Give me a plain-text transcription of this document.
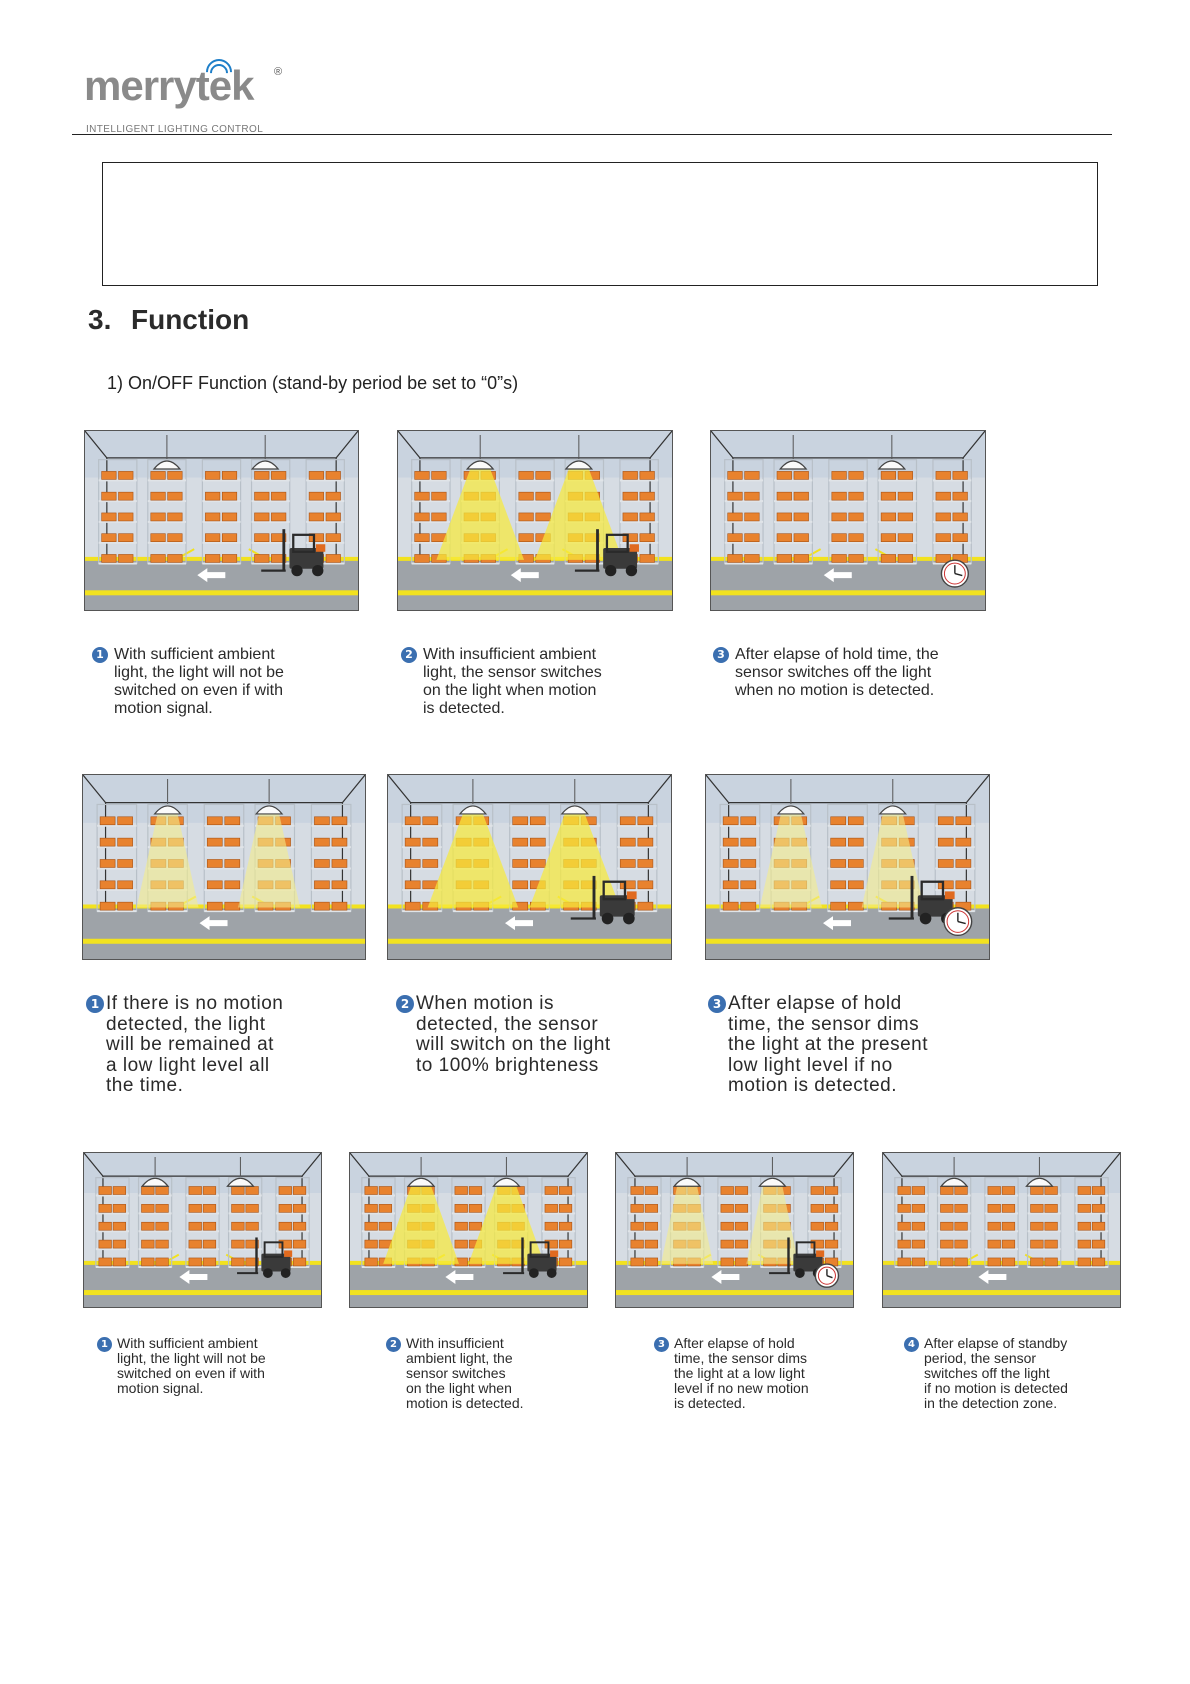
merrytek ®
INTELLIGENT LIGHTING CONTROL
3. Function
1) On/OFF Function (stand-by period be set to “0”s)
1 With sufficient ambient
light, the light will not be
switched on even if with
motion signal.
2 With insufficient ambient
light, the sensor switches
on the light when motion
is detected.
3 After elapse of hold time, the
sensor switches off the light
when no motion is detected.
1 If there is no motion
detected, the light
will be remained at
a low light level all
the time.
2 When motion is
detected, the sensor
will switch on the light
to 100% brighteness
3 After elapse of hold
time, the sensor dims
the light at the present
low light level if no
motion is detected.
1 With sufficient ambient
light, the light will not be
switched on even if with
motion signal.
2 With insufficient
ambient light, the
sensor switches
on the light when
motion is detected.
3 After elapse of hold
time, the sensor dims
the light at a low light
level if no new motion
is detected.
4 After elapse of standby
period, the sensor
switches off the light
if no motion is detected
in the detection zone.
